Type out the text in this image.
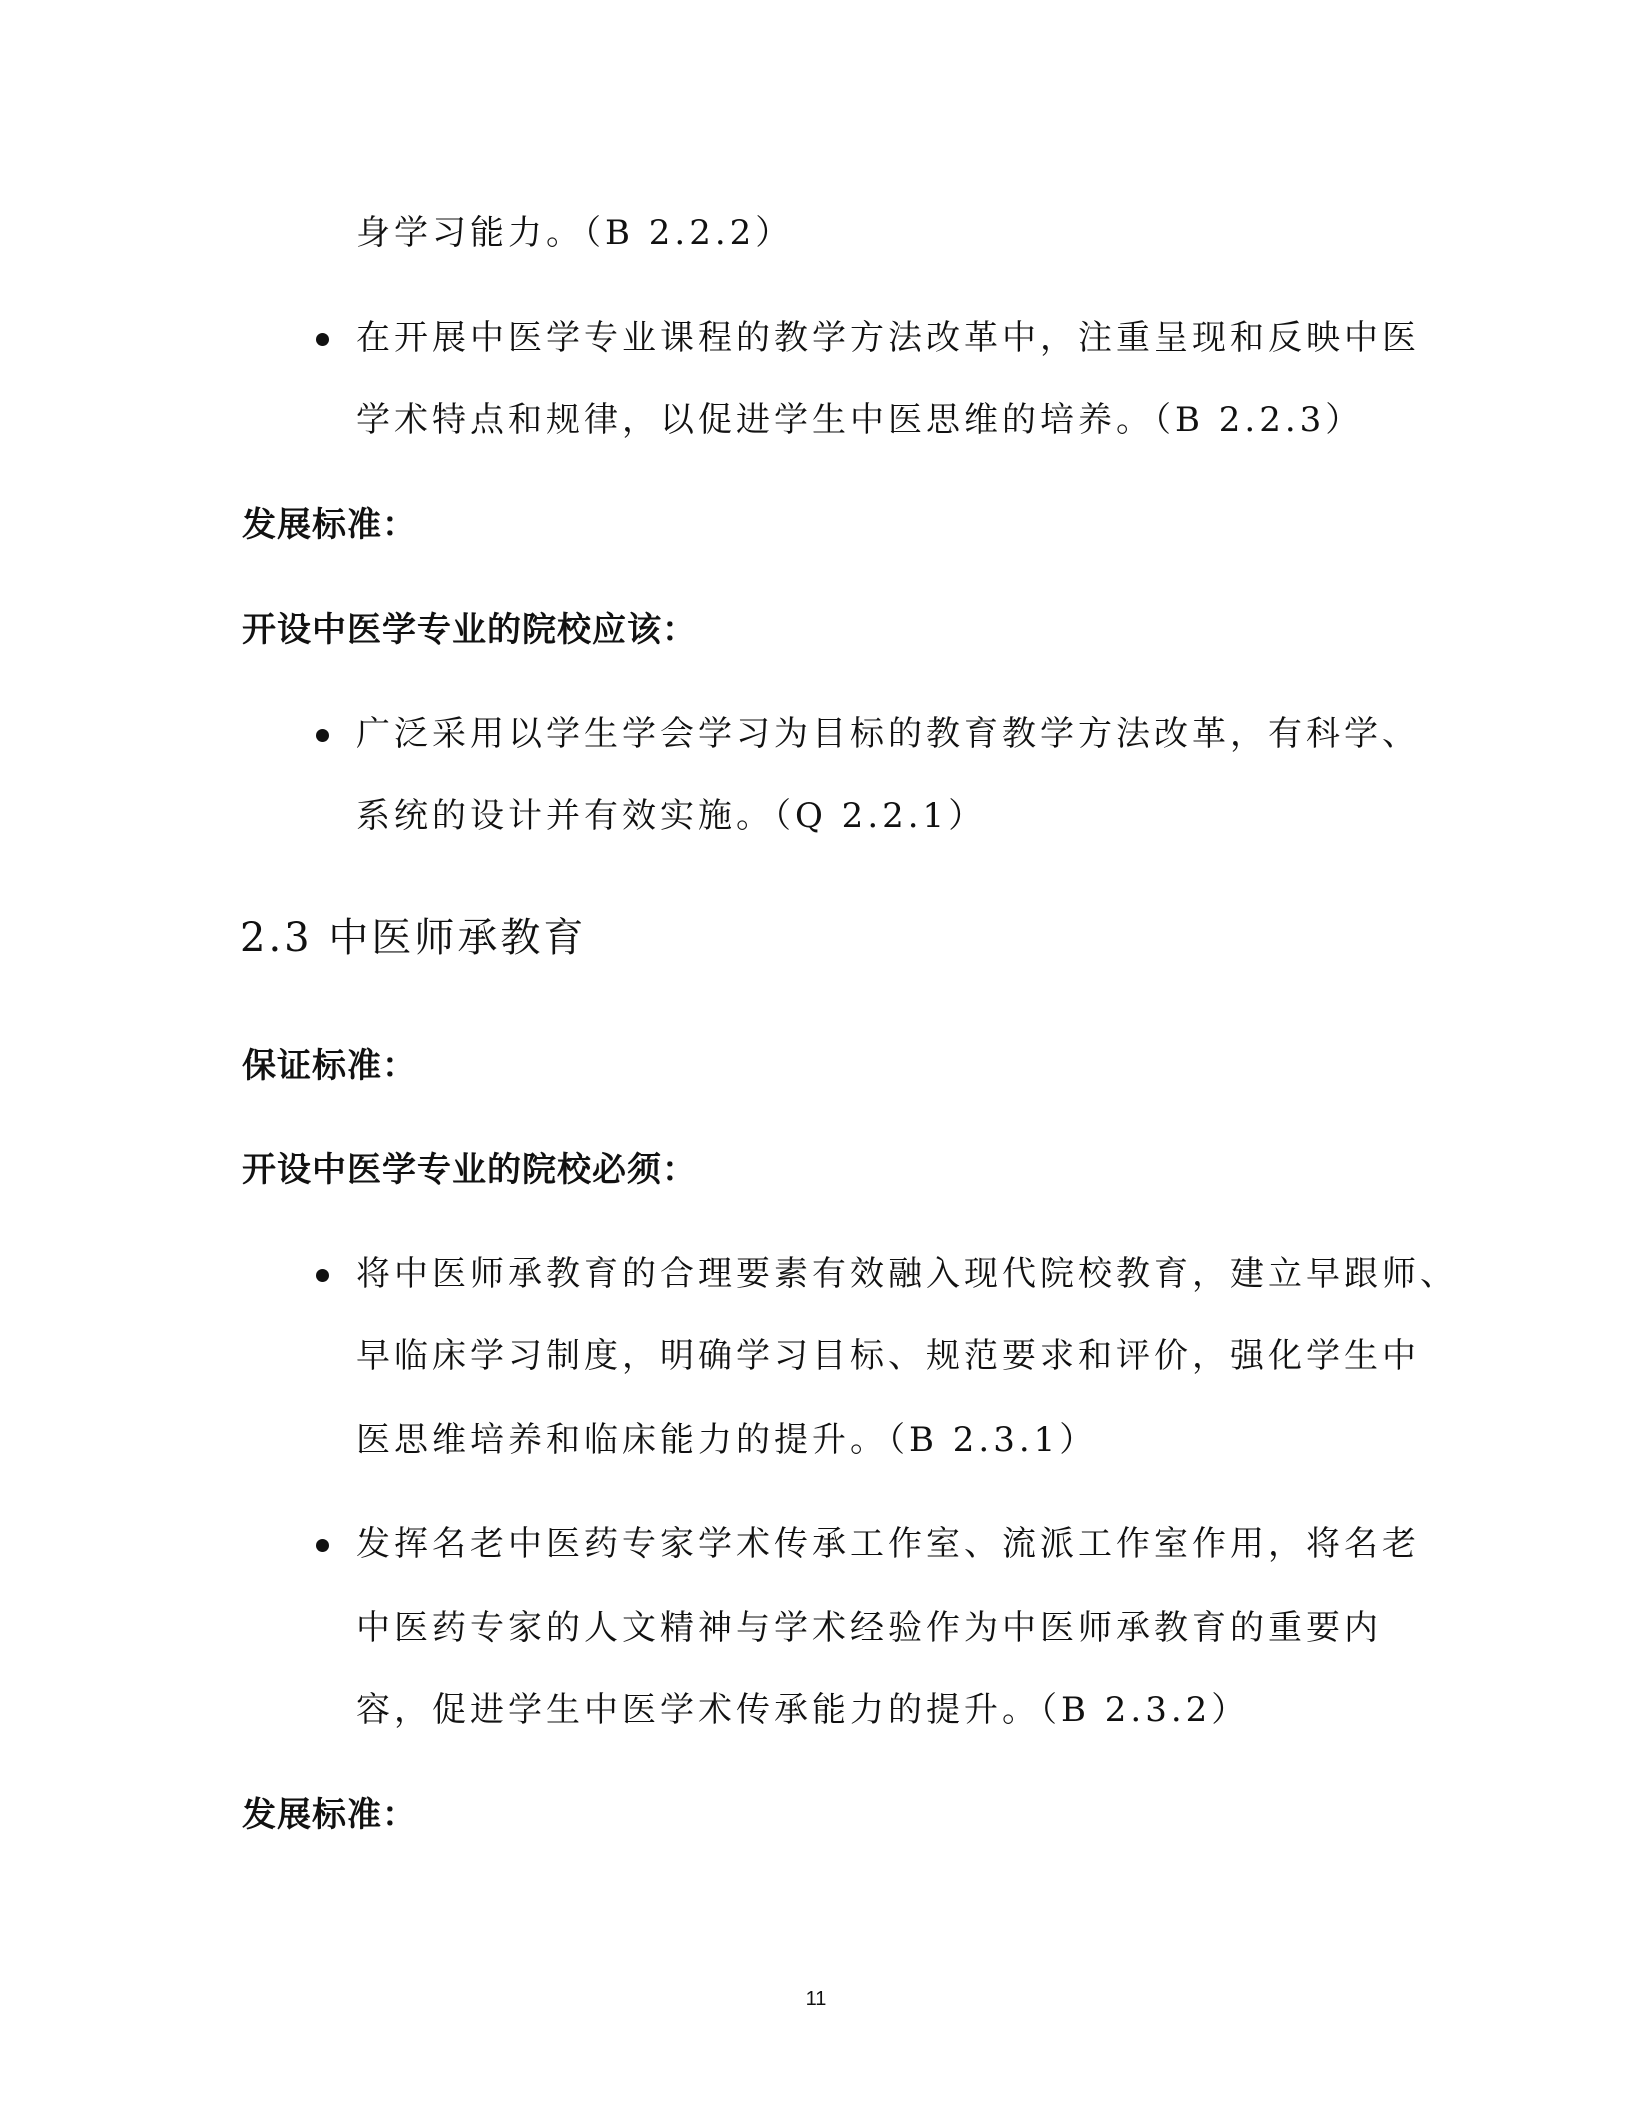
身学习能力。（B 2.2.2）
在开展中医学专业课程的教学方法改革中，注重呈现和反映中医
学术特点和规律，以促进学生中医思维的培养。（B 2.2.3）
发展标准：
开设中医学专业的院校应该：
广泛采用以学生学会学习为目标的教育教学方法改革，有科学、
系统的设计并有效实施。（Q 2.2.1）
2.3 中医师承教育
保证标准：
开设中医学专业的院校必须：
将中医师承教育的合理要素有效融入现代院校教育，建立早跟师、
早临床学习制度，明确学习目标、规范要求和评价，强化学生中
医思维培养和临床能力的提升。（B 2.3.1）
发挥名老中医药专家学术传承工作室、流派工作室作用，将名老
中医药专家的人文精神与学术经验作为中医师承教育的重要内
容，促进学生中医学术传承能力的提升。（B 2.3.2）
发展标准：
11
